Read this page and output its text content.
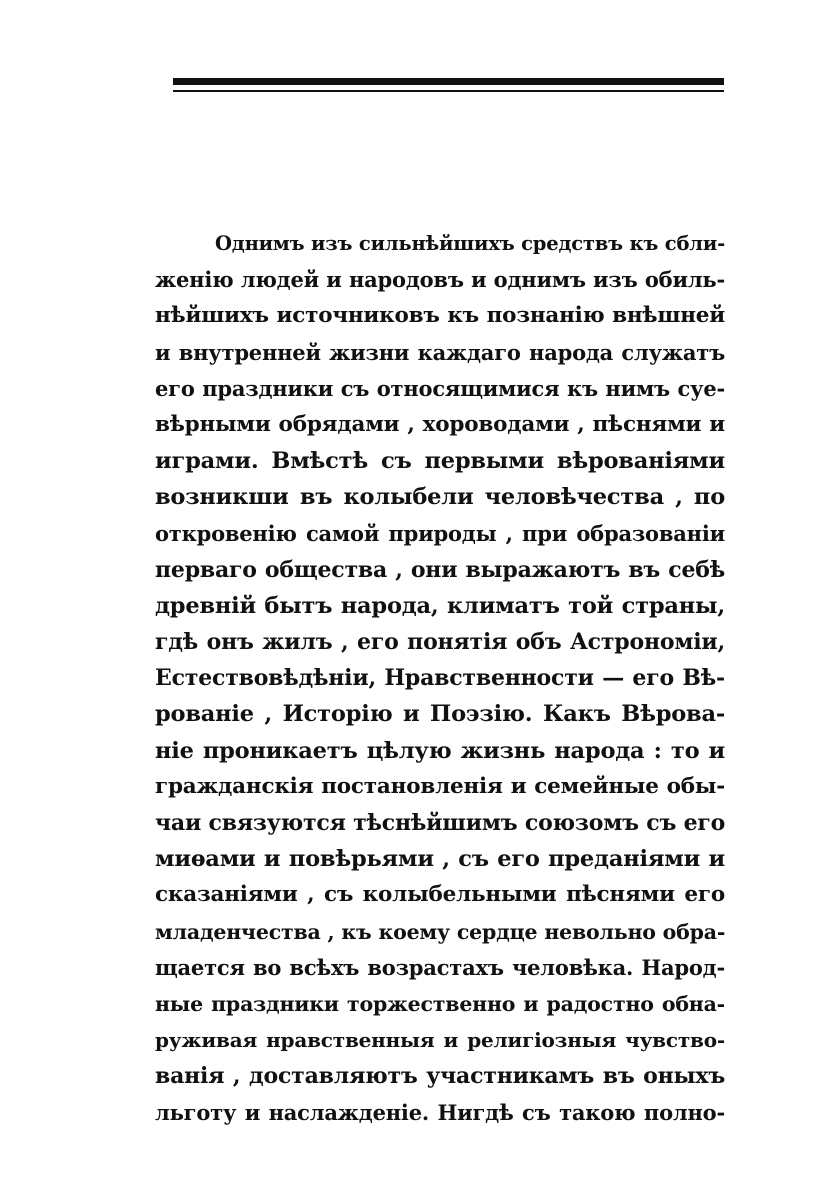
Однимъ изъ сильнѣйшихъ средствъ къ сбли-
женію людей и народовъ и однимъ изъ обиль-
нѣйшихъ источниковъ къ познанію внѣшней
и внутренней жизни каждаго народа служатъ
его праздники съ относящимися къ нимъ суе-
вѣрными обрядами , хороводами , пѣснями и
играми. Вмѣстѣ съ первыми вѣрованіями
возникши въ колыбели человѣчества , по
откровенію самой природы , при образованіи
перваго общества , они выражаютъ въ себѣ
древній бытъ народа, климатъ той страны,
гдѣ онъ жилъ , его понятія объ Астрономіи,
Естествовѣдѣніи, Нравственности — его Вѣ-
рованіе , Исторію и Поэзію. Какъ Вѣрова-
ніе проникаетъ цѣлую жизнь народа : то и
гражданскія постановленія и семейные обы-
чаи связуются тѣснѣйшимъ союзомъ съ его
миѳами и повѣрьями , съ его преданіями и
сказаніями , съ колыбельными пѣснями его
младенчества , къ коему сердце невольно обра-
щается во всѣхъ возрастахъ человѣка. Народ-
ные праздники торжественно и радостно обна-
руживая нравственныя и религіозныя чувство-
ванія , доставляютъ участникамъ въ оныхъ
льготу и наслажденіе. Нигдѣ съ такою полно-
